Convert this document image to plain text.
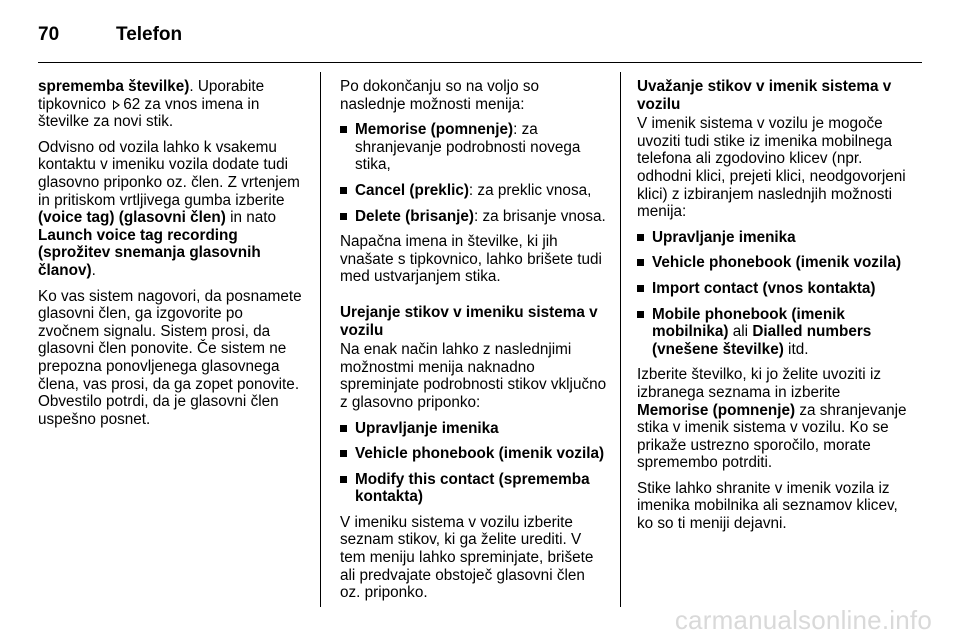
70	Telefon

sprememba številke). Uporabite tipkovnico 62 za vnos imena in številke za novi stik.

Odvisno od vozila lahko k vsakemu kontaktu v imeniku vozila dodate tudi glasovno priponko oz. člen. Z vrtenjem in pritiskom vrtljivega gumba izberite (voice tag) (glasovni člen) in nato Launch voice tag recording (sprožitev snemanja glasovnih članov).

Ko vas sistem nagovori, da posnamete glasovni člen, ga izgovorite po zvočnem signalu. Sistem prosi, da glasovni člen ponovite. Če sistem ne prepozna ponovljenega glasovnega člena, vas prosi, da ga zopet ponovite. Obvestilo potrdi, da je glasovni člen uspešno posnet.

Po dokončanju so na voljo so naslednje možnosti menija:

Memorise (pomnenje): za shranjevanje podrobnosti novega stika,
Cancel (preklic): za preklic vnosa,
Delete (brisanje): za brisanje vnosa.

Napačna imena in številke, ki jih vnašate s tipkovnico, lahko brišete tudi med ustvarjanjem stika.

Urejanje stikov v imeniku sistema v vozilu

Na enak način lahko z naslednjimi možnostmi menija naknadno spreminjate podrobnosti stikov vključno z glasovno priponko:

Upravljanje imenika
Vehicle phonebook (imenik vozila)
Modify this contact (sprememba kontakta)

V imeniku sistema v vozilu izberite seznam stikov, ki ga želite urediti. V tem meniju lahko spreminjate, brišete ali predvajate obstoječ glasovni člen oz. priponko.

Uvažanje stikov v imenik sistema v vozilu

V imenik sistema v vozilu je mogoče uvoziti tudi stike iz imenika mobilnega telefona ali zgodovino klicev (npr. odhodni klici, prejeti klici, neodgovorjeni klici) z izbiranjem naslednjih možnosti menija:

Upravljanje imenika
Vehicle phonebook (imenik vozila)
Import contact (vnos kontakta)
Mobile phonebook (imenik mobilnika) ali Dialled numbers (vnešene številke) itd.

Izberite številko, ki jo želite uvoziti iz izbranega seznama in izberite Memorise (pomnenje) za shranjevanje stika v imenik sistema v vozilu. Ko se prikaže ustrezno sporočilo, morate spremembo potrditi.

Stike lahko shranite v imenik vozila iz imenika mobilnika ali seznamov klicev, ko so ti meniji dejavni.

carmanualsonline.info
